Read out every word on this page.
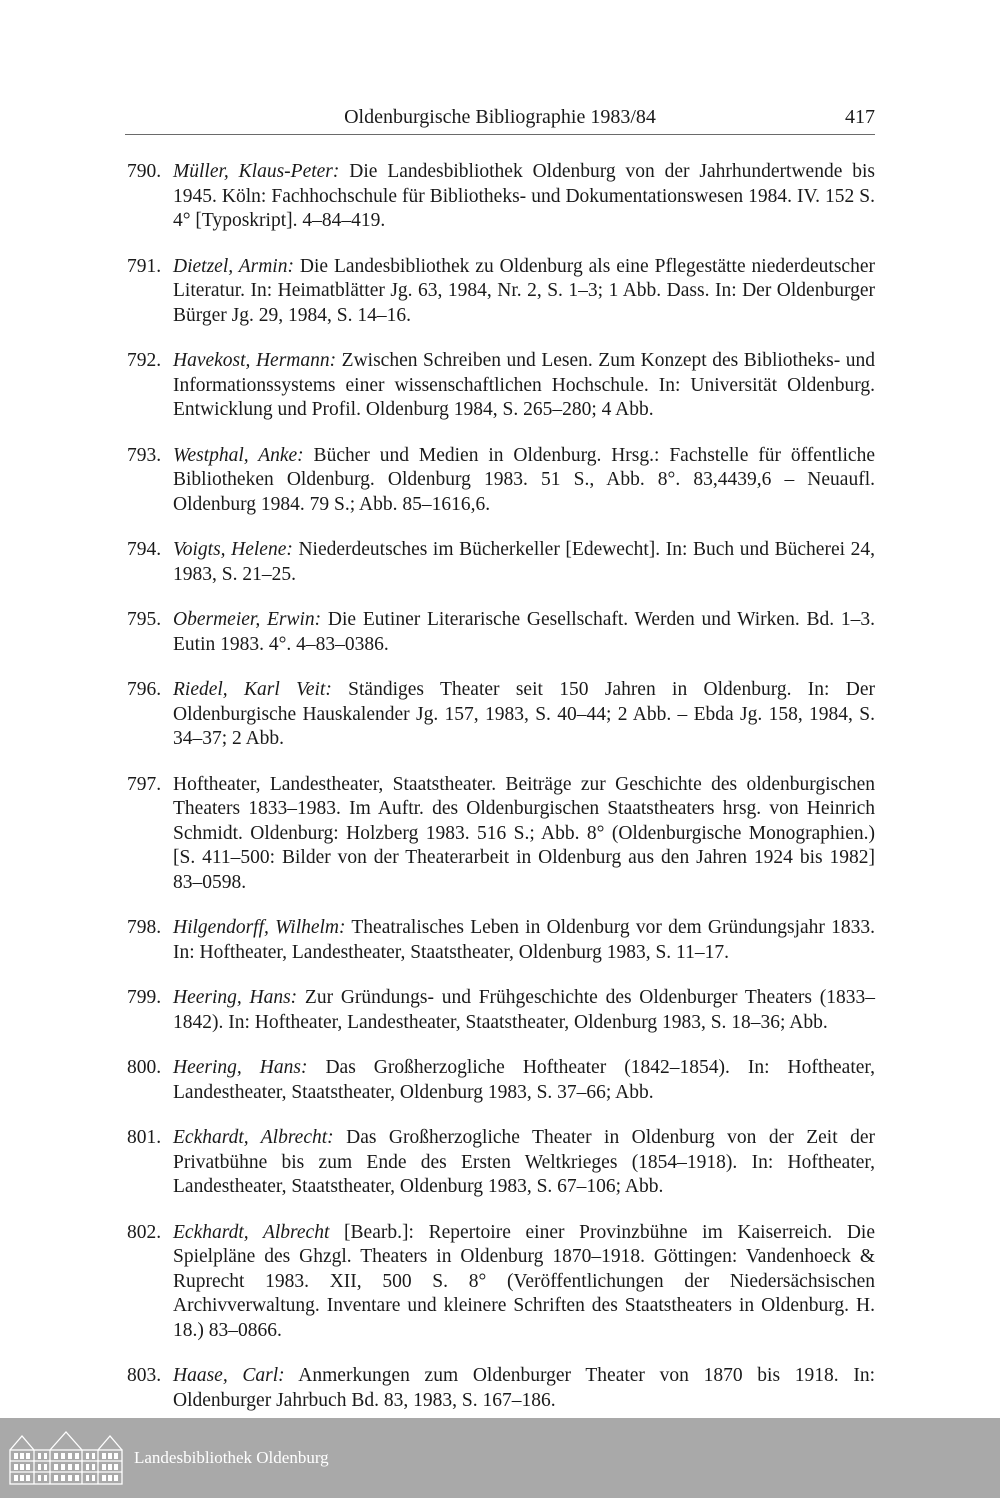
Oldenburgische Bibliographie 1983/84	417
790. Müller, Klaus-Peter: Die Landesbibliothek Oldenburg von der Jahrhundertwende bis 1945. Köln: Fachhochschule für Bibliotheks- und Dokumentationswesen 1984. IV. 152 S. 4° [Typoskript]. 4–84–419.
791. Dietzel, Armin: Die Landesbibliothek zu Oldenburg als eine Pflegestätte niederdeutscher Literatur. In: Heimatblätter Jg. 63, 1984, Nr. 2, S. 1–3; 1 Abb. Dass. In: Der Oldenburger Bürger Jg. 29, 1984, S. 14–16.
792. Havekost, Hermann: Zwischen Schreiben und Lesen. Zum Konzept des Bibliotheks- und Informationssystems einer wissenschaftlichen Hochschule. In: Universität Oldenburg. Entwicklung und Profil. Oldenburg 1984, S. 265–280; 4 Abb.
793. Westphal, Anke: Bücher und Medien in Oldenburg. Hrsg.: Fachstelle für öffentliche Bibliotheken Oldenburg. Oldenburg 1983. 51 S., Abb. 8°. 83,4439,6 – Neuaufl. Oldenburg 1984. 79 S.; Abb. 85–1616,6.
794. Voigts, Helene: Niederdeutsches im Bücherkeller [Edewecht]. In: Buch und Bücherei 24, 1983, S. 21–25.
795. Obermeier, Erwin: Die Eutiner Literarische Gesellschaft. Werden und Wirken. Bd. 1–3. Eutin 1983. 4°. 4–83–0386.
796. Riedel, Karl Veit: Ständiges Theater seit 150 Jahren in Oldenburg. In: Der Oldenburgische Hauskalender Jg. 157, 1983, S. 40–44; 2 Abb. – Ebda Jg. 158, 1984, S. 34–37; 2 Abb.
797. Hoftheater, Landestheater, Staatstheater. Beiträge zur Geschichte des oldenburgischen Theaters 1833–1983. Im Auftr. des Oldenburgischen Staatstheaters hrsg. von Heinrich Schmidt. Oldenburg: Holzberg 1983. 516 S.; Abb. 8° (Oldenburgische Monographien.) [S. 411–500: Bilder von der Theaterarbeit in Oldenburg aus den Jahren 1924 bis 1982] 83–0598.
798. Hilgendorff, Wilhelm: Theatralisches Leben in Oldenburg vor dem Gründungsjahr 1833. In: Hoftheater, Landestheater, Staatstheater, Oldenburg 1983, S. 11–17.
799. Heering, Hans: Zur Gründungs- und Frühgeschichte des Oldenburger Theaters (1833–1842). In: Hoftheater, Landestheater, Staatstheater, Oldenburg 1983, S. 18–36; Abb.
800. Heering, Hans: Das Großherzogliche Hoftheater (1842–1854). In: Hoftheater, Landestheater, Staatstheater, Oldenburg 1983, S. 37–66; Abb.
801. Eckhardt, Albrecht: Das Großherzogliche Theater in Oldenburg von der Zeit der Privatbühne bis zum Ende des Ersten Weltkrieges (1854–1918). In: Hoftheater, Landestheater, Staatstheater, Oldenburg 1983, S. 67–106; Abb.
802. Eckhardt, Albrecht [Bearb.]: Repertoire einer Provinzbühne im Kaiserreich. Die Spielpläne des Ghzgl. Theaters in Oldenburg 1870–1918. Göttingen: Vandenhoeck & Ruprecht 1983. XII, 500 S. 8° (Veröffentlichungen der Niedersächsischen Archivverwaltung. Inventare und kleinere Schriften des Staatstheaters in Oldenburg. H. 18.) 83–0866.
803. Haase, Carl: Anmerkungen zum Oldenburger Theater von 1870 bis 1918. In: Oldenburger Jahrbuch Bd. 83, 1983, S. 167–186.
Landesbibliothek Oldenburg
